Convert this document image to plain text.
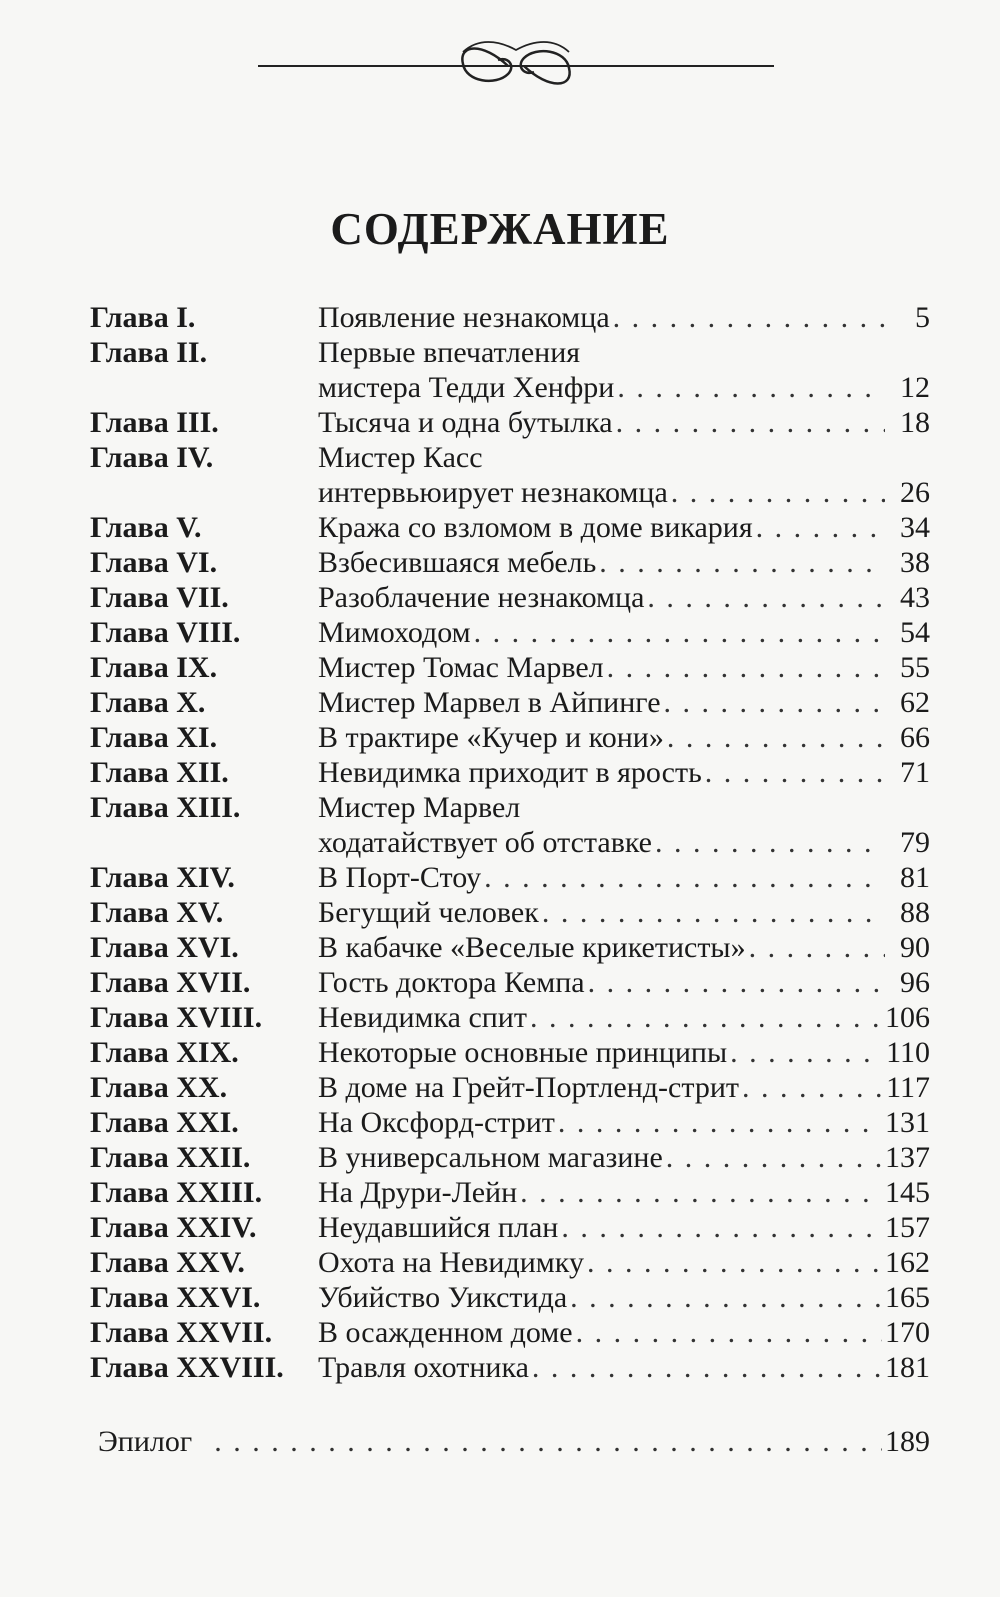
СОДЕРЖАНИЕ
Глава I.	Появление незнакомца . . .	5
Глава II.	Первые впечатления
мистера Тедди Хенфри . . .	12
Глава III.	Тысяча и одна бутылка . . .	18
Глава IV.	Мистер Касс
интервьюирует незнакомца . . .	26
Глава V.	Кража со взломом в доме викария . . .	34
Глава VI.	Взбесившаяся мебель . . .	38
Глава VII.	Разоблачение незнакомца . . .	43
Глава VIII.	Мимоходом . . .	54
Глава IX.	Мистер Томас Марвел . . .	55
Глава X.	Мистер Марвел в Айпинге . . .	62
Глава XI.	В трактире «Кучер и кони» . . .	66
Глава XII.	Невидимка приходит в ярость . . .	71
Глава XIII.	Мистер Марвел
ходатайствует об отставке . . .	79
Глава XIV.	В Порт-Стоу . . .	81
Глава XV.	Бегущий человек . . .	88
Глава XVI.	В кабачке «Веселые крикетисты» . . .	90
Глава XVII.	Гость доктора Кемпа . . .	96
Глава XVIII.	Невидимка спит . . .	106
Глава XIX.	Некоторые основные принципы . . .	110
Глава XX.	В доме на Грейт-Портленд-стрит . . .	117
Глава XXI.	На Оксфорд-стрит . . .	131
Глава XXII.	В универсальном магазине . . .	137
Глава XXIII.	На Друри-Лейн . . .	145
Глава XXIV.	Неудавшийся план . . .	157
Глава XXV.	Охота на Невидимку . . .	162
Глава XXVI.	Убийство Уикстида . . .	165
Глава XXVII.	В осажденном доме . . .	170
Глава XXVIII.	Травля охотника . . .	181
Эпилог . . .	189
